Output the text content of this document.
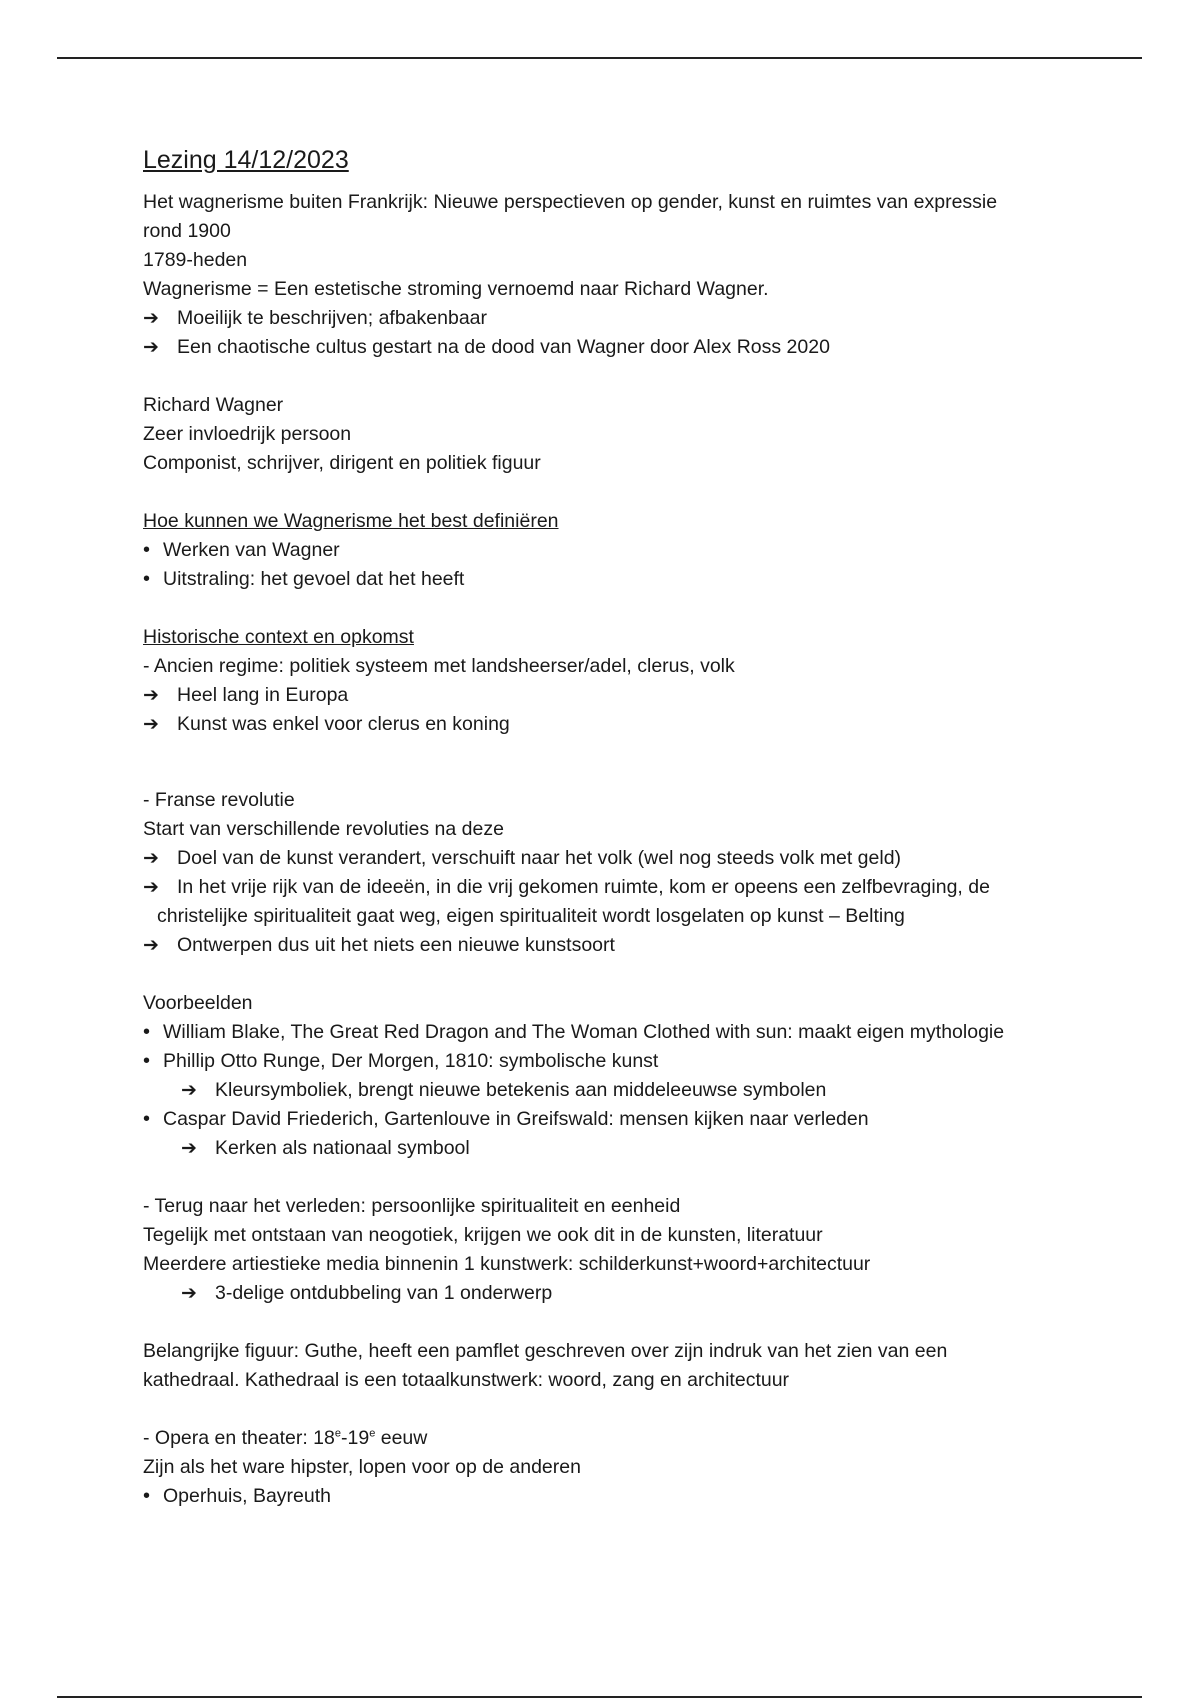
Lezing 14/12/2023
Het wagnerisme buiten Frankrijk: Nieuwe perspectieven op gender, kunst en ruimtes van expressie
rond 1900
1789-heden
Wagnerisme = Een estetische stroming vernoemd naar Richard Wagner.
➔ Moeilijk te beschrijven; afbakenbaar
➔ Een chaotische cultus gestart na de dood van Wagner door Alex Ross 2020
Richard Wagner
Zeer invloedrijk persoon
Componist, schrijver, dirigent en politiek figuur
Hoe kunnen we Wagnerisme het best definiëren
• Werken van Wagner
• Uitstraling: het gevoel dat het heeft
Historische context en opkomst
- Ancien regime: politiek systeem met landsheerser/adel, clerus, volk
➔ Heel lang in Europa
➔ Kunst was enkel voor clerus en koning
- Franse revolutie
Start van verschillende revoluties na deze
➔ Doel van de kunst verandert, verschuift naar het volk (wel nog steeds volk met geld)
➔ In het vrije rijk van de ideeën, in die vrij gekomen ruimte, kom er opeens een zelfbevraging, de christelijke spiritualiteit gaat weg, eigen spiritualiteit wordt losgelaten op kunst – Belting
➔ Ontwerpen dus uit het niets een nieuwe kunstsoort
Voorbeelden
• William Blake, The Great Red Dragon and The Woman Clothed with sun: maakt eigen mythologie
• Phillip Otto Runge, Der Morgen, 1810: symbolische kunst
➔ Kleursymboliek, brengt nieuwe betekenis aan middeleeuwse symbolen
• Caspar David Friederich, Gartenlouve in Greifswald: mensen kijken naar verleden
➔ Kerken als nationaal symbool
- Terug naar het verleden: persoonlijke spiritualiteit en eenheid
Tegelijk met ontstaan van neogotiek, krijgen we ook dit in de kunsten, literatuur
Meerdere artiestieke media binnenin 1 kunstwerk: schilderkunst+woord+architectuur
➔ 3-delige ontdubbeling van 1 onderwerp
Belangrijke figuur: Guthe, heeft een pamflet geschreven over zijn indruk van het zien van een
kathedraal. Kathedraal is een totaalkunstwerk: woord, zang en architectuur
- Opera en theater: 18e-19e eeuw
Zijn als het ware hipster, lopen voor op de anderen
• Operhuis, Bayreuth
